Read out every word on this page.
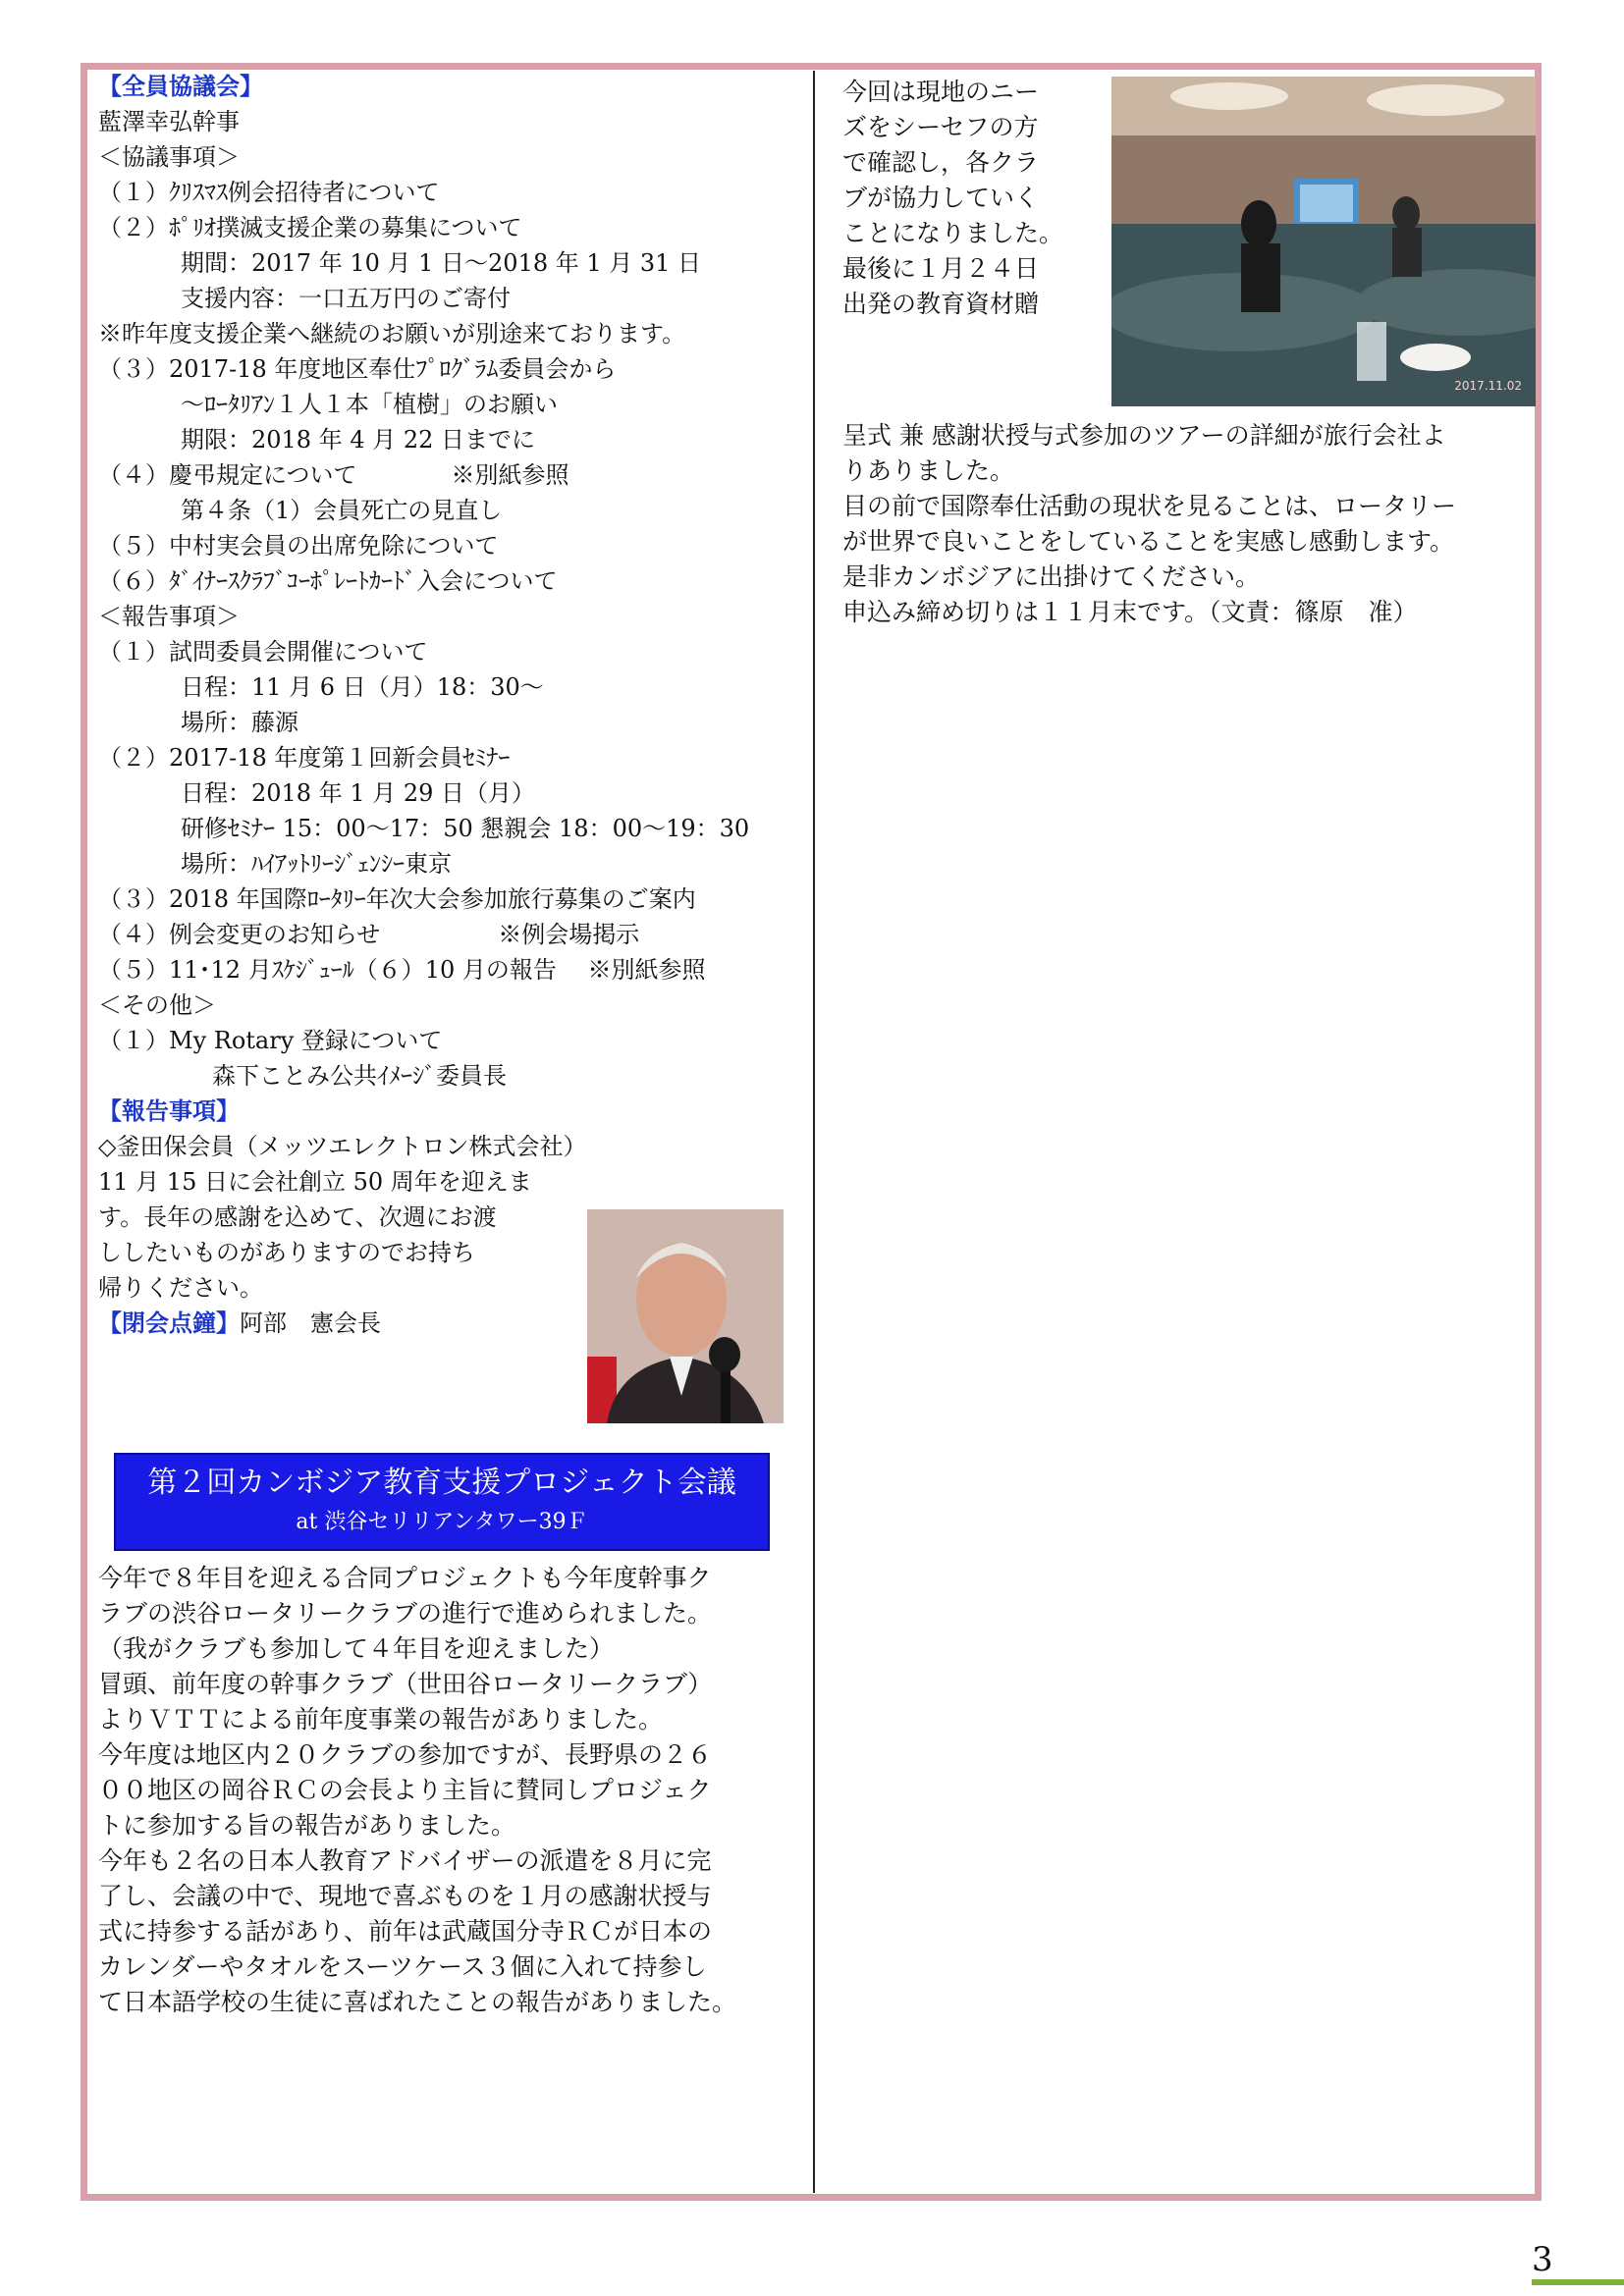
【全員協議会】
藍澤幸弘幹事
＜協議事項＞
（１）ｸﾘｽﾏｽ例会招待者について
（２）ﾎﾟﾘｵ撲滅支援企業の募集について
期間：2017 年 10 月 1 日〜2018 年 1 月 31 日
支援内容：一口五万円のご寄付
※昨年度支援企業へ継続のお願いが別途来ております。
（３）2017-18 年度地区奉仕ﾌﾟﾛｸﾞﾗﾑ委員会から
〜ﾛｰﾀﾘｱﾝ１人１本「植樹」のお願い
期限：2018 年 4 月 22 日までに
（４）慶弔規定について　　　　※別紙参照
第４条（1）会員死亡の見直し
（５）中村実会員の出席免除について
（６）ﾀﾞｲﾅｰｽｸﾗﾌﾞｺｰﾎﾟﾚｰﾄｶｰﾄﾞ入会について
＜報告事項＞
（１）試問委員会開催について
日程：11 月 6 日（月）18：30〜
場所：藤源
（２）2017-18 年度第１回新会員ｾﾐﾅｰ
日程：2018 年 1 月 29 日（月）
研修ｾﾐﾅｰ 15：00〜17：50 懇親会 18：00〜19：30
場所：ﾊｲｱｯﾄﾘｰｼﾞｪﾝｼｰ東京
（３）2018 年国際ﾛｰﾀﾘｰ年次大会参加旅行募集のご案内
（４）例会変更のお知らせ　　　　　※例会場掲示
（５）11･12 月ｽｹｼﾞｭｰﾙ（６）10 月の報告　 ※別紙参照
＜その他＞
（１）My Rotary 登録について
森下ことみ公共ｲﾒｰｼﾞ委員長
【報告事項】
◇釜田保会員（メッツエレクトロン株式会社）
11 月 15 日に会社創立 50 周年を迎えま
す。長年の感謝を込めて、次週にお渡
ししたいものがありますのでお持ち
帰りください。
【閉会点鐘】阿部　憲会長
第２回カンボジア教育支援プロジェクト会議
at 渋谷セリリアンタワー39Ｆ
今年で８年目を迎える合同プロジェクトも今年度幹事ク
ラブの渋谷ロータリークラブの進行で進められました。
（我がクラブも参加して４年目を迎えました）
冒頭、前年度の幹事クラブ（世田谷ロータリークラブ）
よりＶＴＴによる前年度事業の報告がありました。
今年度は地区内２０クラブの参加ですが、長野県の２６
００地区の岡谷ＲＣの会長より主旨に賛同しプロジェク
トに参加する旨の報告がありました。
今年も２名の日本人教育アドバイザーの派遣を８月に完
了し、会議の中で、現地で喜ぶものを１月の感謝状授与
式に持参する話があり、前年は武蔵国分寺ＲＣが日本の
カレンダーやタオルをスーツケース３個に入れて持参し
て日本語学校の生徒に喜ばれたことの報告がありました。
今回は現地のニー
ズをシーセフの方
で確認し，各クラ
ブが協力していく
ことになりました。
最後に１月２４日
出発の教育資材贈
2017.11.02
呈式 兼 感謝状授与式参加のツアーの詳細が旅行会社よ
りありました。
目の前で国際奉仕活動の現状を見ることは、ロータリー
が世界で良いことをしていることを実感し感動します。
是非カンボジアに出掛けてください。
申込み締め切りは１１月末です。（文責：篠原　准）
3
